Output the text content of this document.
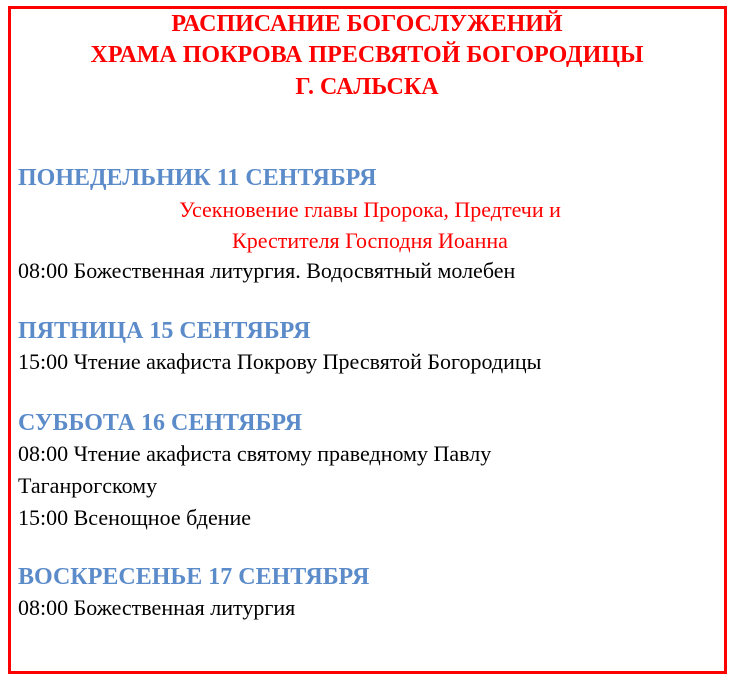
РАСПИСАНИЕ БОГОСЛУЖЕНИЙ
ХРАМА ПОКРОВА ПРЕСВЯТОЙ БОГОРОДИЦЫ
Г. САЛЬСКА
ПОНЕДЕЛЬНИК 11 СЕНТЯБРЯ
Усекновение главы Пророка, Предтечи и
Крестителя Господня Иоанна
08:00 Божественная литургия. Водосвятный молебен
ПЯТНИЦА 15 СЕНТЯБРЯ
15:00 Чтение акафиста Покрову Пресвятой Богородицы
СУББОТА 16 СЕНТЯБРЯ
08:00 Чтение акафиста святому праведному Павлу
Таганрогскому
15:00 Всенощное бдение
ВОСКРЕСЕНЬЕ 17 СЕНТЯБРЯ
08:00 Божественная литургия
